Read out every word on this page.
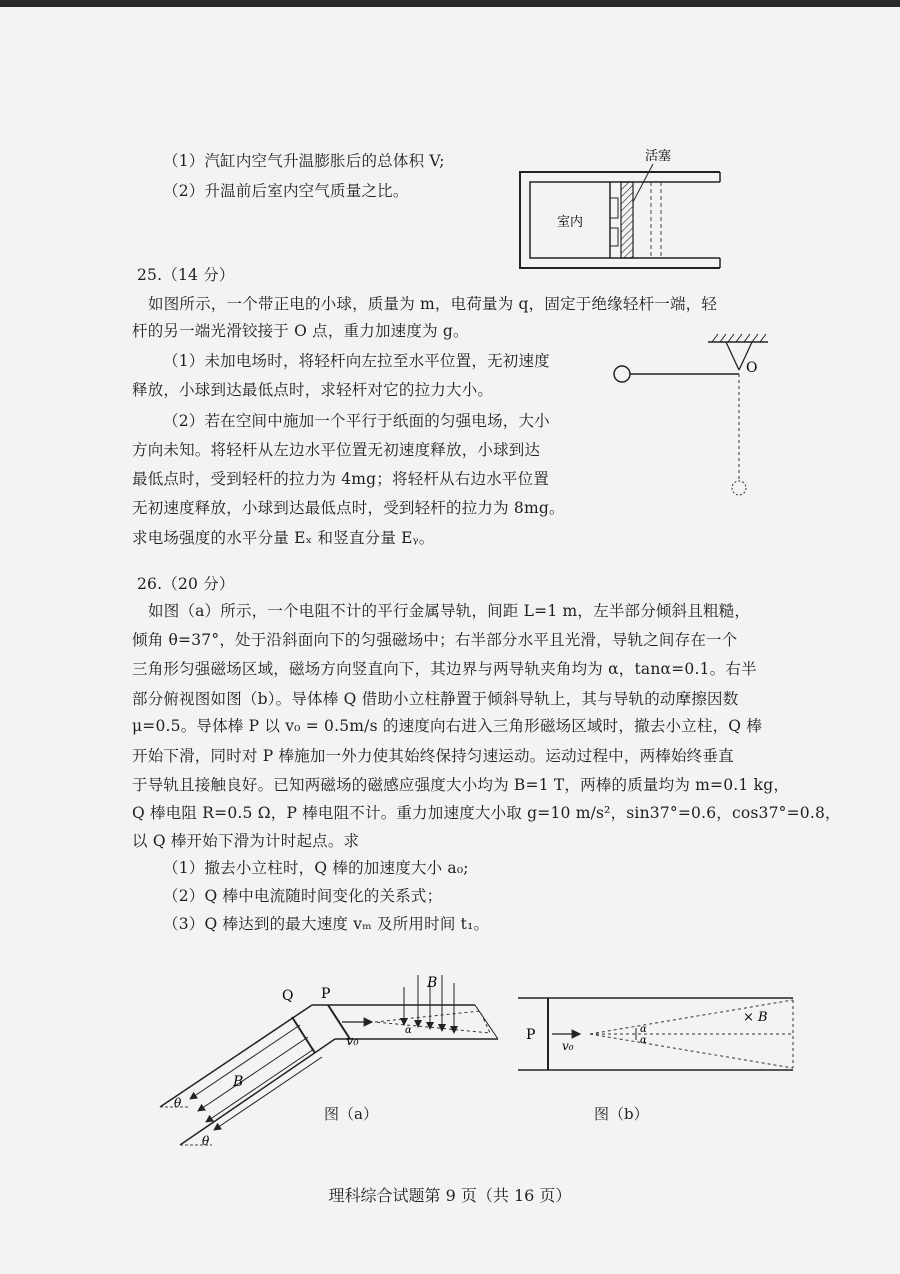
（1）汽缸内空气升温膨胀后的总体积 V;
（2）升温前后室内空气质量之比。
活塞
室内
25.（14 分）
如图所示，一个带正电的小球，质量为 m，电荷量为 q，固定于绝缘轻杆一端，轻
杆的另一端光滑铰接于 O 点，重力加速度为 g。
（1）未加电场时，将轻杆向左拉至水平位置，无初速度
释放，小球到达最低点时，求轻杆对它的拉力大小。
（2）若在空间中施加一个平行于纸面的匀强电场，大小
方向未知。将轻杆从左边水平位置无初速度释放，小球到达
最低点时，受到轻杆的拉力为 4mg；将轻杆从右边水平位置
无初速度释放，小球到达最低点时，受到轻杆的拉力为 8mg。
求电场强度的水平分量 Eₓ 和竖直分量 Eᵧ。
O
26.（20 分）
如图（a）所示，一个电阻不计的平行金属导轨，间距 L=1 m，左半部分倾斜且粗糙，
倾角 θ=37°，处于沿斜面向下的匀强磁场中；右半部分水平且光滑，导轨之间存在一个
三角形匀强磁场区域，磁场方向竖直向下，其边界与两导轨夹角均为 α，tanα=0.1。右半
部分俯视图如图（b）。导体棒 Q 借助小立柱静置于倾斜导轨上，其与导轨的动摩擦因数
μ=0.5。导体棒 P 以 v₀ = 0.5m/s 的速度向右进入三角形磁场区域时，撤去小立柱，Q 棒
开始下滑，同时对 P 棒施加一外力使其始终保持匀速运动。运动过程中，两棒始终垂直
于导轨且接触良好。已知两磁场的磁感应强度大小均为 B=1 T，两棒的质量均为 m=0.1 kg，
Q 棒电阻 R=0.5 Ω，P 棒电阻不计。重力加速度大小取 g=10 m/s²，sin37°=0.6，cos37°=0.8，
以 Q 棒开始下滑为计时起点。求
（1）撤去小立柱时，Q 棒的加速度大小 a₀;
（2）Q 棒中电流随时间变化的关系式；
（3）Q 棒达到的最大速度 vₘ 及所用时间 t₁。
Q P
B
B
v₀
α
θ
θ
图（a）
P
v₀
α
α
× B
图（b）
理科综合试题第 9 页（共 16 页）
